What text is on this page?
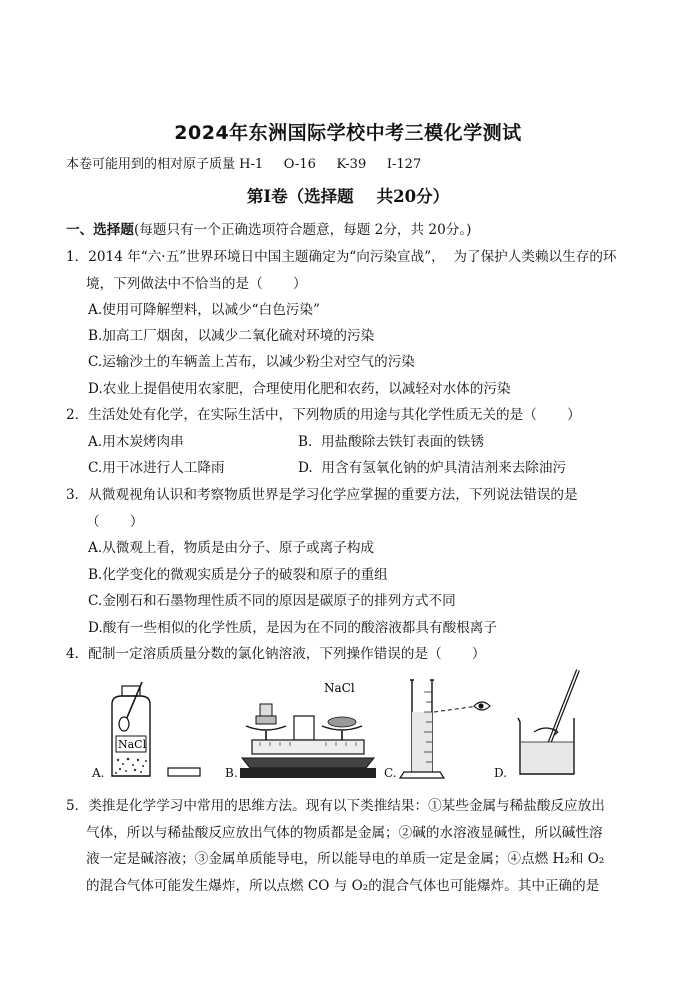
2024年东洲国际学校中考三模化学测试
本卷可能用到的相对原子质量 H-1     O-16     K-39     I-127
第I卷（选择题    共20分）
一、选择题(每题只有一个正确选项符合题意，每题 2分，共 20分。)
1．2014 年“六·五”世界环境日中国主题确定为“向污染宣战”，  为了保护人类赖以生存的环
境，下列做法中不恰当的是（       ）
A.使用可降解塑料，以减少“白色污染”
B.加高工厂烟囱，以减少二氧化硫对环境的污染
C.运输沙土的车辆盖上苫布，以减少粉尘对空气的污染
D.农业上提倡使用农家肥，合理使用化肥和农药，以减轻对水体的污染
2．生活处处有化学，在实际生活中，下列物质的用途与其化学性质无关的是（       ）
A.用木炭烤肉串	B.  用盐酸除去铁钉表面的铁锈
C.用干冰进行人工降雨	D.  用含有氢氧化钠的炉具清洁剂来去除油污
3．从微观视角认识和考察物质世界是学习化学应掌握的重要方法，下列说法错误的是
（       ）
A.从微观上看，物质是由分子、原子或离子构成
B.化学变化的微观实质是分子的破裂和原子的重组
C.金刚石和石墨物理性质不同的原因是碳原子的排列方式不同
D.酸有一些相似的化学性质，是因为在不同的酸溶液都具有酸根离子
4．配制一定溶质质量分数的氯化钠溶液，下列操作错误的是（       ）
A.	B.	C.	D.
NaCl
NaCl
5．类推是化学学习中常用的思维方法。现有以下类推结果：①某些金属与稀盐酸反应放出
气体，所以与稀盐酸反应放出气体的物质都是金属；②碱的水溶液显碱性，所以碱性溶
液一定是碱溶液；③金属单质能导电，所以能导电的单质一定是金属；④点燃 H₂和 O₂
的混合气体可能发生爆炸，所以点燃 CO 与 O₂的混合气体也可能爆炸。其中正确的是
